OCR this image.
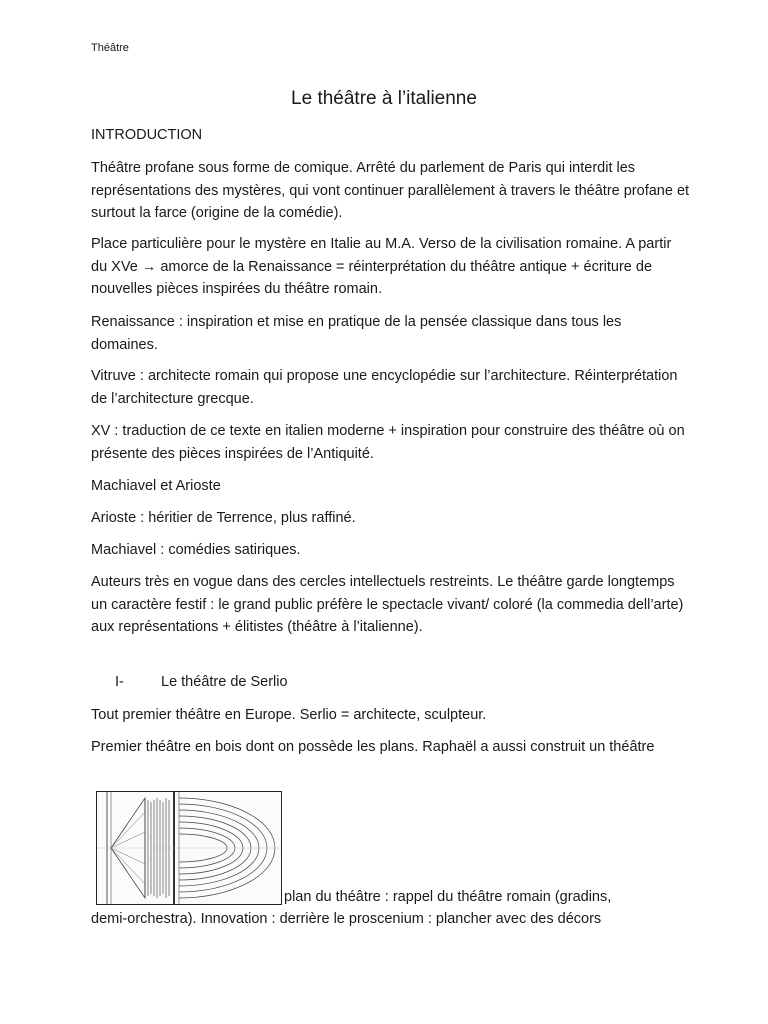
Théâtre
Le théâtre à l’italienne

INTRODUCTION

Théâtre profane sous forme de comique. Arrêté du parlement de Paris qui interdit les représentations des mystères, qui vont continuer parallèlement à travers le théâtre profane et surtout la farce (origine de la comédie).

Place particulière pour le mystère en Italie au M.A. Verso de la civilisation romaine. A partir du XVe → amorce de la Renaissance = réinterprétation du théâtre antique + écriture de nouvelles pièces inspirées du théâtre romain.

Renaissance : inspiration et mise en pratique de la pensée classique dans tous les domaines.

Vitruve : architecte romain qui propose une encyclopédie sur l’architecture. Réinterprétation de l’architecture grecque.

XV : traduction de ce texte en italien moderne + inspiration pour construire des théâtre où on présente des pièces inspirées de l’Antiquité.

Machiavel et Arioste

Arioste : héritier de Terrence, plus raffiné.

Machiavel : comédies satiriques.

Auteurs très en vogue dans des cercles intellectuels restreints. Le théâtre garde longtemps un caractère festif : le grand public préfère le spectacle vivant/ coloré (la commedia dell’arte) aux représentations + élitistes (théâtre à l’italienne).

I-	Le théâtre de Serlio

Tout premier théâtre en Europe. Serlio = architecte, sculpteur.

Premier théâtre en bois dont on possède les plans. Raphaël a aussi construit un théâtre

plan du théâtre : rappel du théâtre romain (gradins,
demi-orchestra). Innovation : derrière le proscenium : plancher avec des décors
